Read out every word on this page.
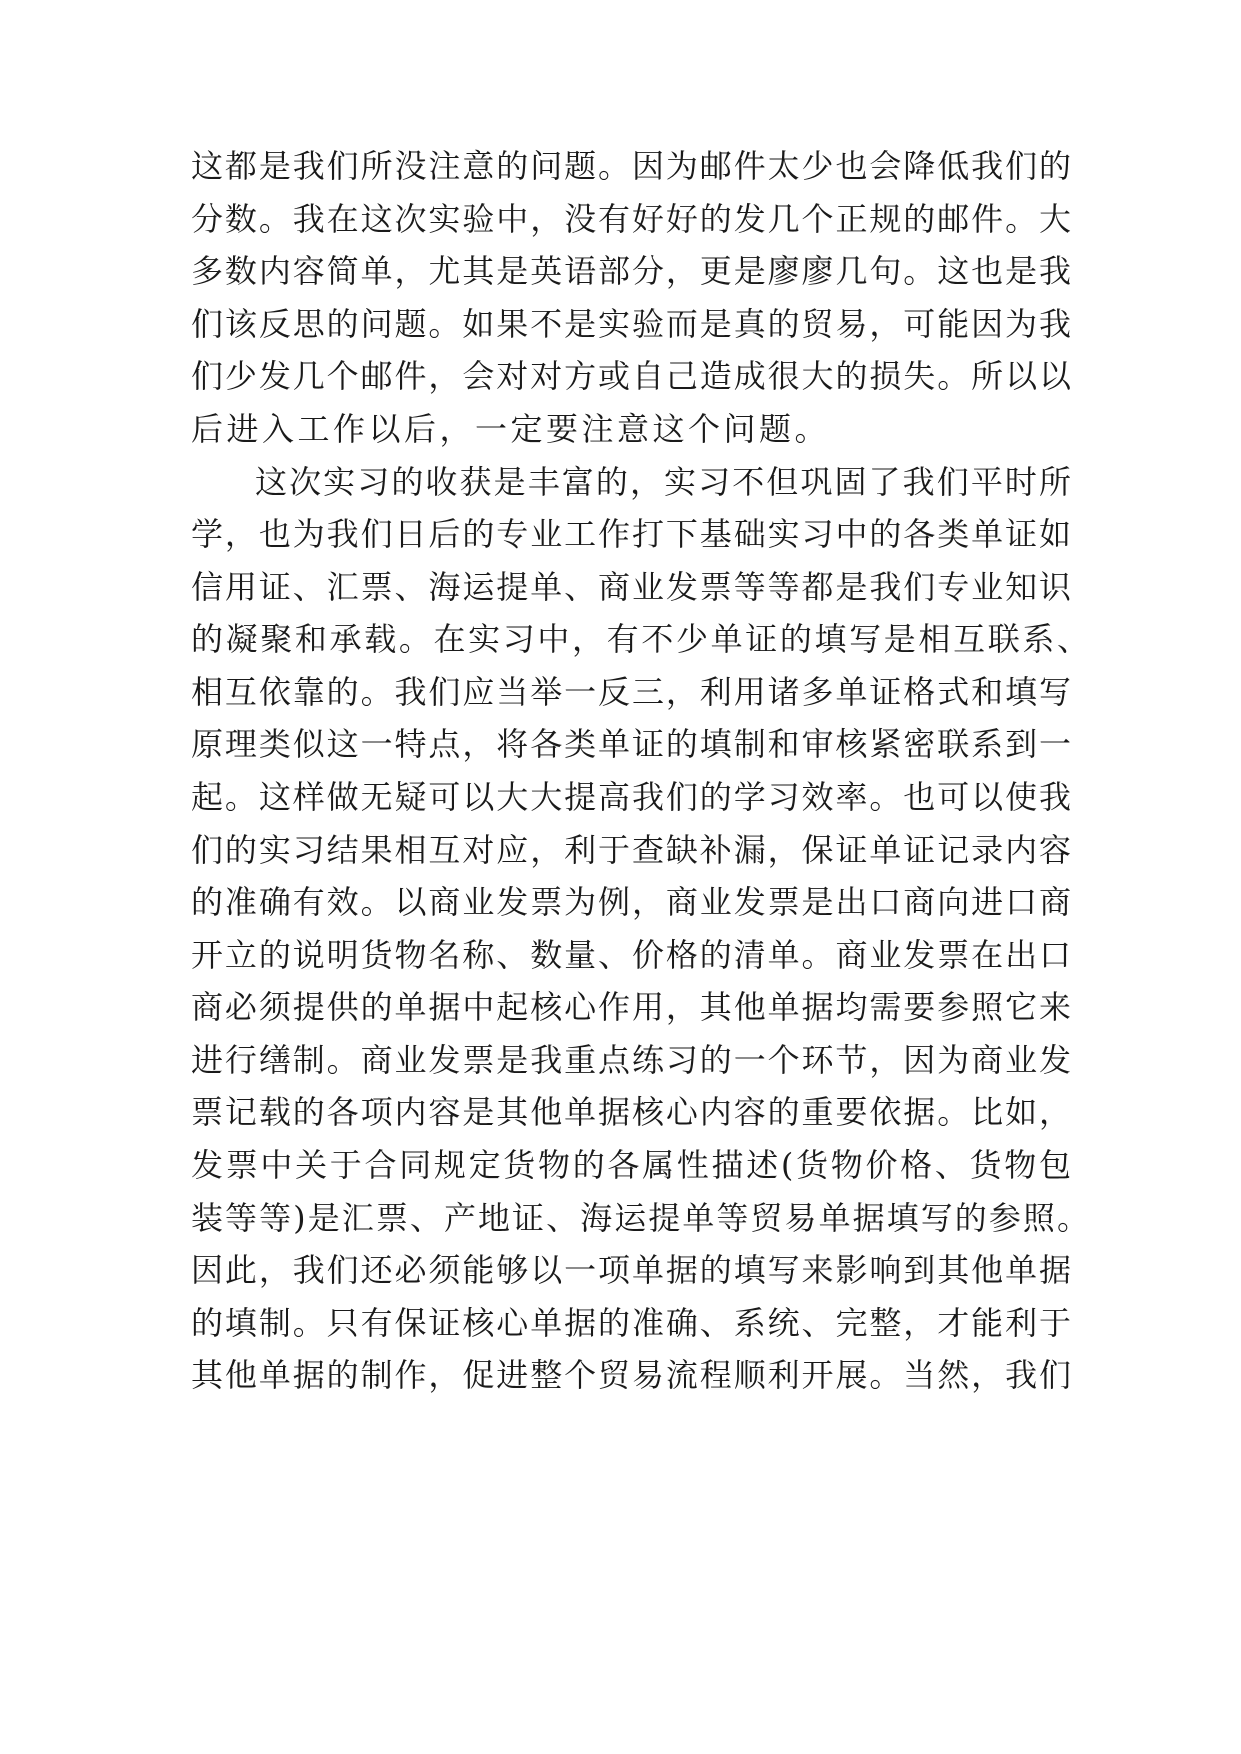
这都是我们所没注意的问题。因为邮件太少也会降低我们的
分数。我在这次实验中，没有好好的发几个正规的邮件。大
多数内容简单，尤其是英语部分，更是廖廖几句。这也是我
们该反思的问题。如果不是实验而是真的贸易，可能因为我
们少发几个邮件，会对对方或自己造成很大的损失。所以以
后进入工作以后，一定要注意这个问题。
这次实习的收获是丰富的，实习不但巩固了我们平时所
学，也为我们日后的专业工作打下基础实习中的各类单证如
信用证、汇票、海运提单、商业发票等等都是我们专业知识
的凝聚和承载。在实习中，有不少单证的填写是相互联系、
相互依靠的。我们应当举一反三，利用诸多单证格式和填写
原理类似这一特点，将各类单证的填制和审核紧密联系到一
起。这样做无疑可以大大提高我们的学习效率。也可以使我
们的实习结果相互对应，利于查缺补漏，保证单证记录内容
的准确有效。以商业发票为例，商业发票是出口商向进口商
开立的说明货物名称、数量、价格的清单。商业发票在出口
商必须提供的单据中起核心作用，其他单据均需要参照它来
进行缮制。商业发票是我重点练习的一个环节，因为商业发
票记载的各项内容是其他单据核心内容的重要依据。比如，
发票中关于合同规定货物的各属性描述(货物价格、货物包
装等等)是汇票、产地证、海运提单等贸易单据填写的参照。
因此，我们还必须能够以一项单据的填写来影响到其他单据
的填制。只有保证核心单据的准确、系统、完整，才能利于
其他单据的制作，促进整个贸易流程顺利开展。当然，我们
